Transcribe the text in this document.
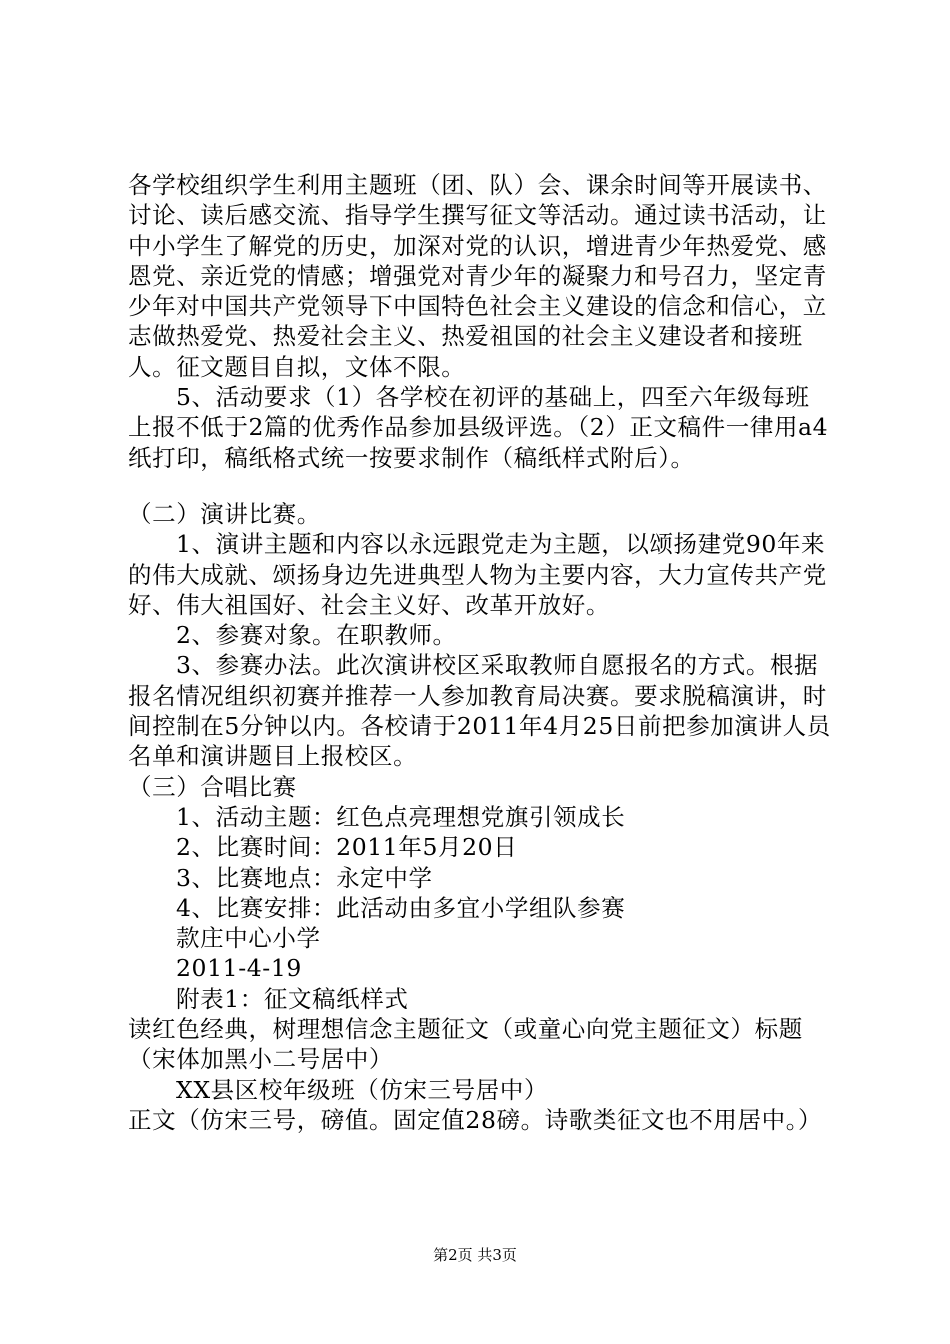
各学校组织学生利用主题班（团、队）会、课余时间等开展读书、讨论、读后感交流、指导学生撰写征文等活动。通过读书活动，让中小学生了解党的历史，加深对党的认识，增进青少年热爱党、感恩党、亲近党的情感；增强党对青少年的凝聚力和号召力，坚定青少年对中国共产党领导下中国特色社会主义建设的信念和信心，立志做热爱党、热爱社会主义、热爱祖国的社会主义建设者和接班人。征文题目自拟，文体不限。

5、活动要求（1）各学校在初评的基础上，四至六年级每班上报不低于2篇的优秀作品参加县级评选。（2）正文稿件一律用a4纸打印，稿纸格式统一按要求制作（稿纸样式附后）。

（二）演讲比赛。

1、演讲主题和内容以永远跟党走为主题，以颂扬建党90年来的伟大成就、颂扬身边先进典型人物为主要内容，大力宣传共产党好、伟大祖国好、社会主义好、改革开放好。

2、参赛对象。在职教师。

3、参赛办法。此次演讲校区采取教师自愿报名的方式。根据报名情况组织初赛并推荐一人参加教育局决赛。要求脱稿演讲，时间控制在5分钟以内。各校请于2011年4月25日前把参加演讲人员名单和演讲题目上报校区。

（三）合唱比赛

1、活动主题：红色点亮理想党旗引领成长

2、比赛时间：2011年5月20日

3、比赛地点：永定中学

4、比赛安排：此活动由多宜小学组队参赛

款庄中心小学

2011-4-19

附表1：征文稿纸样式

读红色经典，树理想信念主题征文（或童心向党主题征文）标题（宋体加黑小二号居中）

XX县区校年级班（仿宋三号居中）

正文（仿宋三号，磅值。固定值28磅。诗歌类征文也不用居中。）

第2页 共3页
